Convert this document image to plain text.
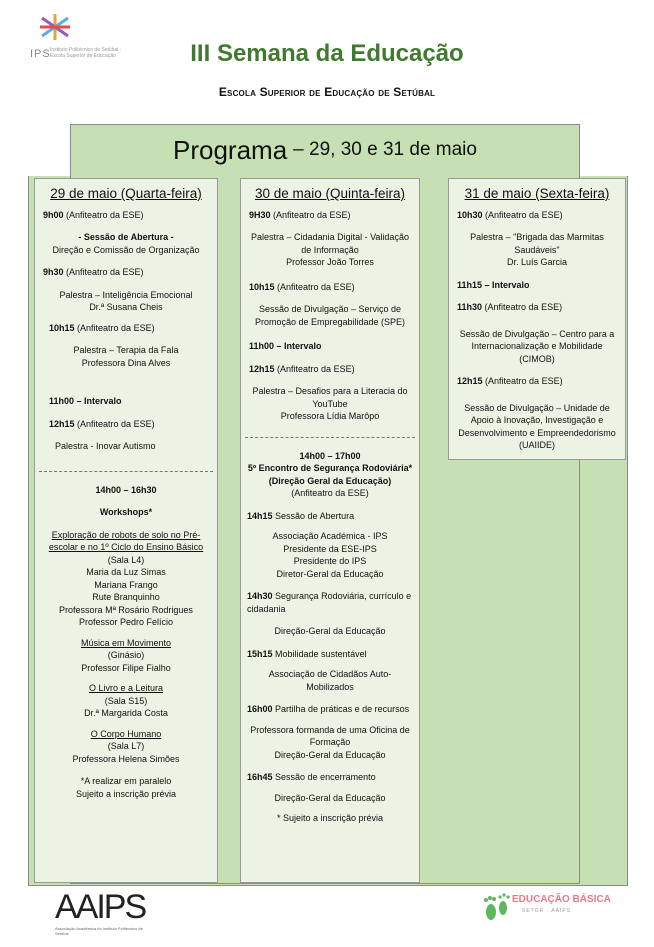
IPS Instituto Politécnico de Setúbal · Escola Superior de Educação	III Semana da Educação
Escola Superior de Educação de Setúbal
Programa – 29, 30 e 31 de maio
29 de maio (Quarta-feira)

9h00 (Anfiteatro da ESE)

- Sessão de Abertura -

Direção e Comissão de Organização

9h30 (Anfiteatro da ESE)

Palestra – Inteligência Emocional

Dr.ª Susana Cheis

10h15 (Anfiteatro da ESE)

Palestra – Terapia da Fala

Professora Dina Alves

11h00 – Intervalo

12h15 (Anfiteatro da ESE)

Palestra - Inovar Autismo

14h00 – 16h30

Workshops*

Exploração de robots de solo no Pré-escolar e no 1º Ciclo do Ensino Básico

(Sala L4)

Maria da Luz Simas

Mariana Frango

Rute Branquinho

Professora Mª Rosário Rodrigues

Professor Pedro Felício

Música em Movimento

(Ginásio)

Professor Filipe Fialho

O Livro e a Leitura

(Sala S15)

Dr.ª Margarida Costa

O Corpo Humano

(Sala L7)

Professora Helena Simões

*A realizar em paralelo

Sujeito a inscrição prévia

30 de maio (Quinta-feira)

9H30 (Anfiteatro da ESE)

Palestra – Cidadania Digital - Validação de Informação

Professor João Torres

10h15 (Anfiteatro da ESE)

Sessão de Divulgação – Serviço de Promoção de Empregabilidade (SPE)

11h00 – Intervalo

12h15 (Anfiteatro da ESE)

Palestra – Desafios para a Literacia do YouTube

Professora Lídia Marôpo

14h00 – 17h00

5º Encontro de Segurança Rodoviária* (Direção Geral da Educação)

(Anfiteatro da ESE)

14h15 Sessão de Abertura

Associação Académica - IPS

Presidente da ESE-IPS

Presidente do IPS

Diretor-Geral da Educação

14h30 Segurança Rodoviária, currículo e cidadania

Direção-Geral da Educação

15h15 Mobilidade sustentável

Associação de Cidadãos Auto-Mobilizados

16h00 Partilha de práticas e de recursos

Professora formanda de uma Oficina de Formação

Direção-Geral da Educação

16h45 Sessão de encerramento

Direção-Geral da Educação

* Sujeito a inscrição prévia

31 de maio (Sexta-feira)

10h30 (Anfiteatro da ESE)

Palestra – "Brigada das Marmitas Saudáveis"

Dr. Luís Garcia

11h15 – Intervalo

11h30 (Anfiteatro da ESE)

Sessão de Divulgação – Centro para a Internacionalização e Mobilidade (CIMOB)

12h15 (Anfiteatro da ESE)

Sessão de Divulgação – Unidade de Apoio à Inovação, Investigação e Desenvolvimento e Empreendedorismo (UAIIDE)

AAIPS
Associação Académica do Instituto Politécnico de Setúbal
EDUCAÇÃO BÁSICA
SETOR · AAIPS
